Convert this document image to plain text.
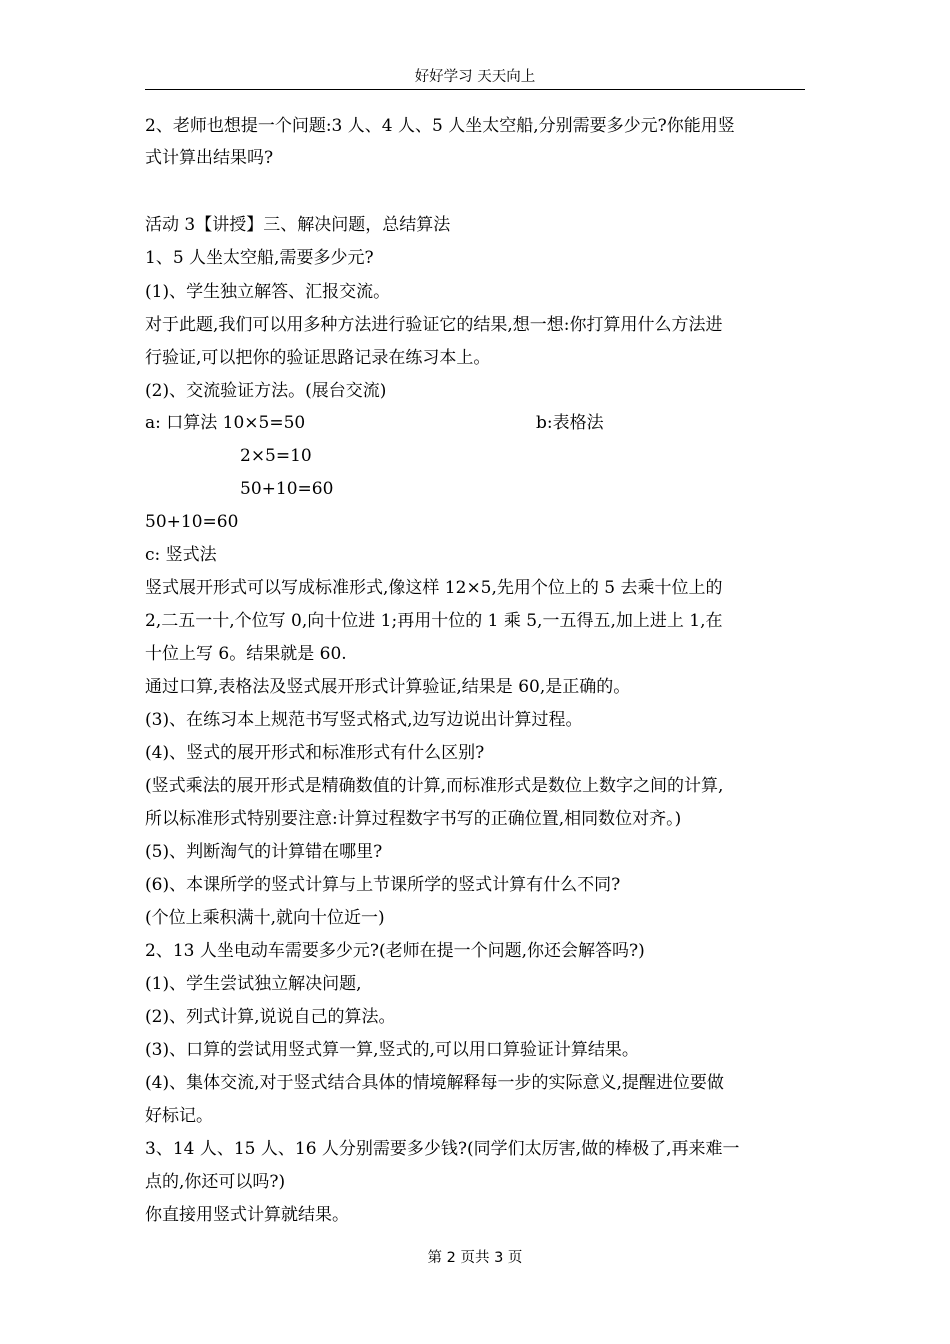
好好学习 天天向上
2、老师也想提一个问题:3 人、4 人、5 人坐太空船,分别需要多少元?你能用竖
式计算出结果吗?
活动 3【讲授】三、解决问题，总结算法
1、5 人坐太空船,需要多少元?
(1)、学生独立解答、汇报交流。
对于此题,我们可以用多种方法进行验证它的结果,想一想:你打算用什么方法进
行验证,可以把你的验证思路记录在练习本上。
(2)、交流验证方法。(展台交流)
a: 口算法 10×5=50	b:表格法
2×5=10
50+10=60
50+10=60
c: 竖式法
竖式展开形式可以写成标准形式,像这样 12×5,先用个位上的 5 去乘十位上的
2,二五一十,个位写 0,向十位进 1;再用十位的 1 乘 5,一五得五,加上进上 1,在
十位上写 6。结果就是 60.
通过口算,表格法及竖式展开形式计算验证,结果是 60,是正确的。
(3)、在练习本上规范书写竖式格式,边写边说出计算过程。
(4)、竖式的展开形式和标准形式有什么区别?
(竖式乘法的展开形式是精确数值的计算,而标准形式是数位上数字之间的计算,
所以标准形式特别要注意:计算过程数字书写的正确位置,相同数位对齐。)
(5)、判断淘气的计算错在哪里?
(6)、本课所学的竖式计算与上节课所学的竖式计算有什么不同?
(个位上乘积满十,就向十位近一)
2、13 人坐电动车需要多少元?(老师在提一个问题,你还会解答吗?)
(1)、学生尝试独立解决问题,
(2)、列式计算,说说自己的算法。
(3)、口算的尝试用竖式算一算,竖式的,可以用口算验证计算结果。
(4)、集体交流,对于竖式结合具体的情境解释每一步的实际意义,提醒进位要做
好标记。
3、14 人、15 人、16 人分别需要多少钱?(同学们太厉害,做的棒极了,再来难一
点的,你还可以吗?)
你直接用竖式计算就结果。
第 2 页共 3 页
